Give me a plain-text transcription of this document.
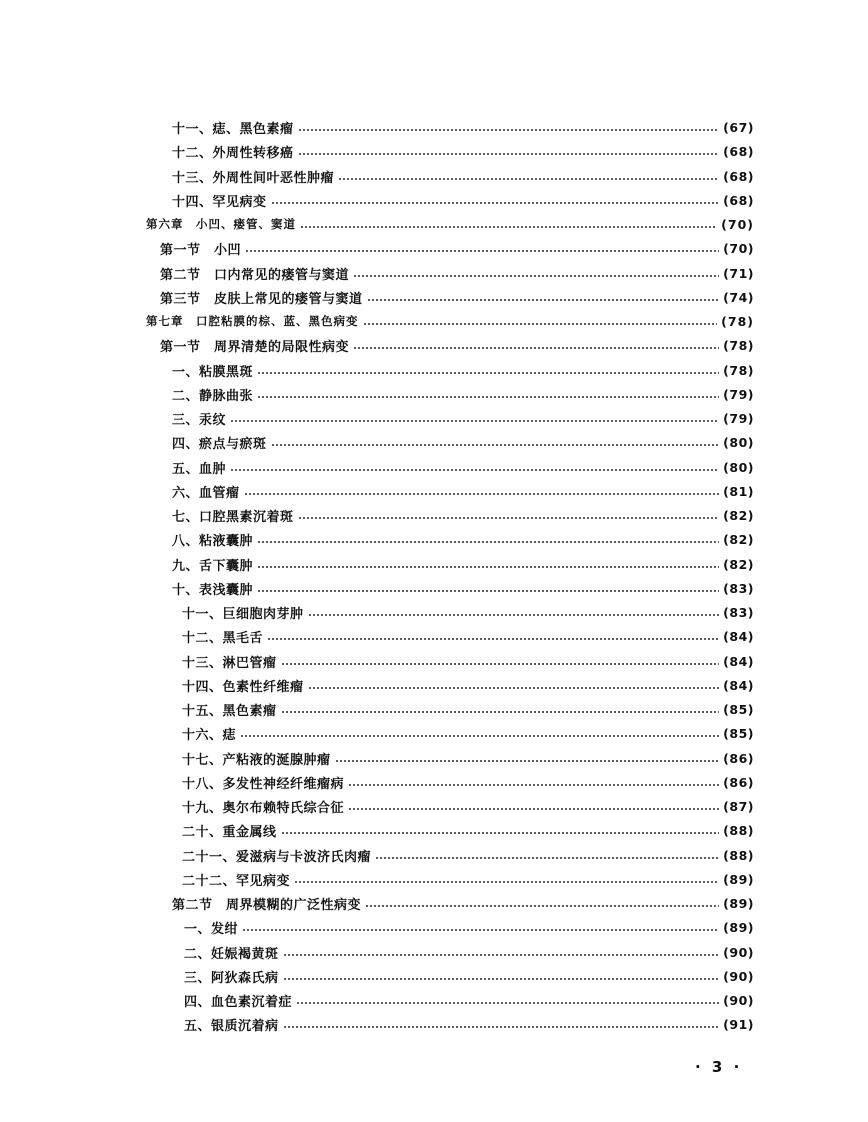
十一、痣、黑色素瘤	(67)
十二、外周性转移癌	(68)
十三、外周性间叶恶性肿瘤	(68)
十四、罕见病变	(68)
第六章　小凹、瘘管、窦道	(70)
第一节　小凹	(70)
第二节　口内常见的瘘管与窦道	(71)
第三节　皮肤上常见的瘘管与窦道	(74)
第七章　口腔粘膜的棕、蓝、黑色病变	(78)
第一节　周界清楚的局限性病变	(78)
一、粘膜黑斑	(78)
二、静脉曲张	(79)
三、汞纹	(79)
四、瘀点与瘀斑	(80)
五、血肿	(80)
六、血管瘤	(81)
七、口腔黑素沉着斑	(82)
八、粘液囊肿	(82)
九、舌下囊肿	(82)
十、表浅囊肿	(83)
十一、巨细胞肉芽肿	(83)
十二、黑毛舌	(84)
十三、淋巴管瘤	(84)
十四、色素性纤维瘤	(84)
十五、黑色素瘤	(85)
十六、痣	(85)
十七、产粘液的涎腺肿瘤	(86)
十八、多发性神经纤维瘤病	(86)
十九、奥尔布赖特氏综合征	(87)
二十、重金属线	(88)
二十一、爱滋病与卡波济氏肉瘤	(88)
二十二、罕见病变	(89)
第二节　周界模糊的广泛性病变	(89)
一、发绀	(89)
二、妊娠褐黄斑	(90)
三、阿狄森氏病	(90)
四、血色素沉着症	(90)
五、银质沉着病	(91)
· 3 ·
